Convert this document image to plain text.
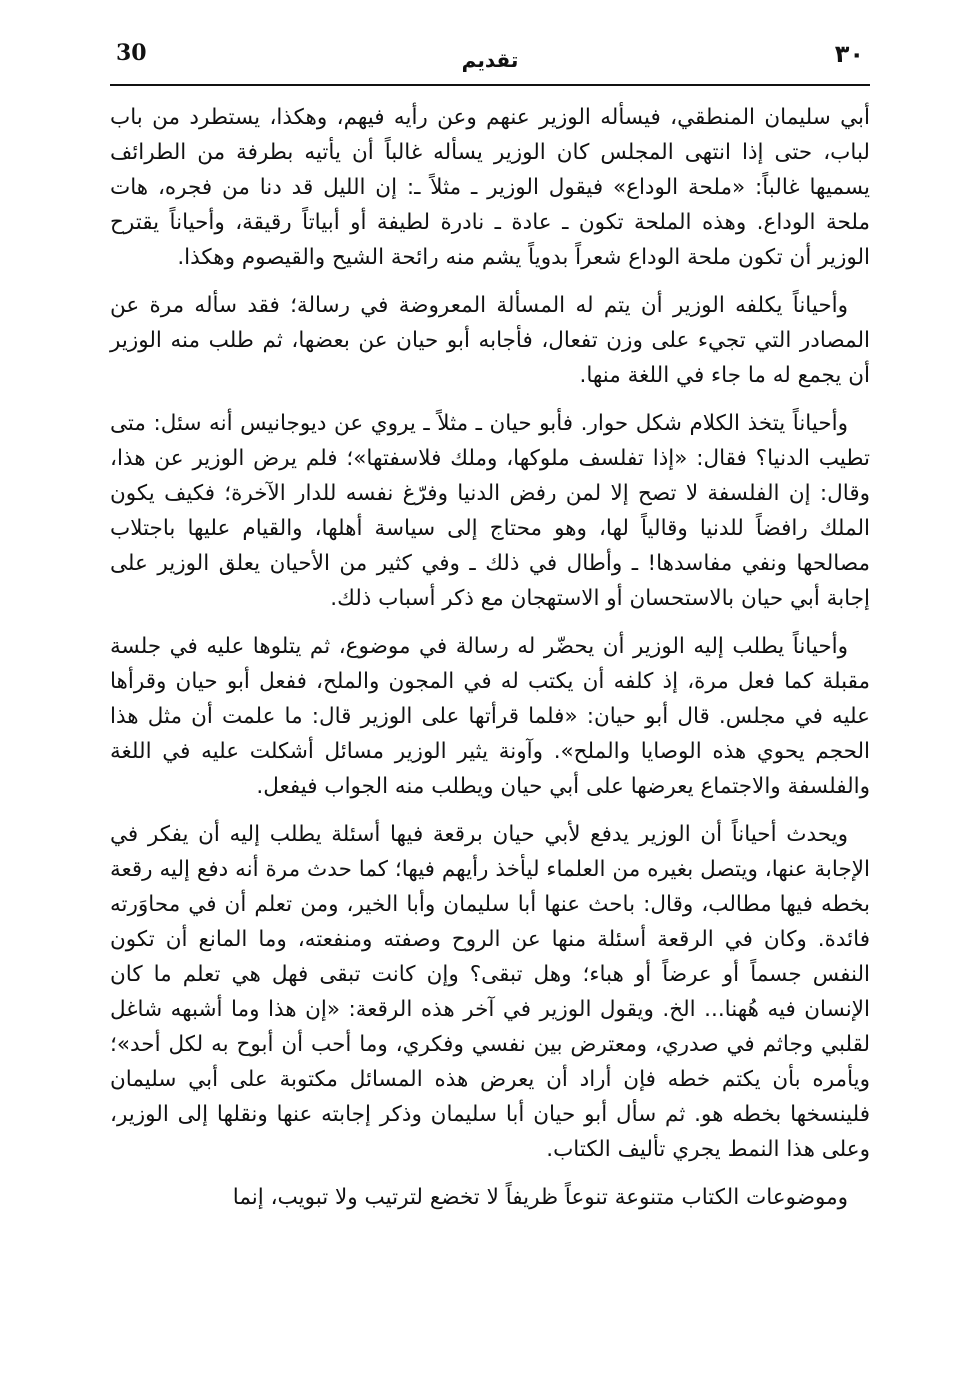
30	تقديم	٣٠

أبي سليمان المنطقي، فيسأله الوزير عنهم وعن رأيه فيهم، وهكذا، يستطرد من باب لباب، حتى إذا انتهى المجلس كان الوزير يسأله غالباً أن يأتيه بطرفة من الطرائف يسميها غالباً: «ملحة الوداع» فيقول الوزير ـ مثلاً ـ: إن الليل قد دنا من فجره، هات ملحة الوداع. وهذه الملحة تكون ـ عادة ـ نادرة لطيفة أو أبياتاً رقيقة، وأحياناً يقترح الوزير أن تكون ملحة الوداع شعراً بدوياً يشم منه رائحة الشيح والقيصوم وهكذا.

وأحياناً يكلفه الوزير أن يتم له المسألة المعروضة في رسالة؛ فقد سأله مرة عن المصادر التي تجيء على وزن تفعال، فأجابه أبو حيان عن بعضها، ثم طلب منه الوزير أن يجمع له ما جاء في اللغة منها.

وأحياناً يتخذ الكلام شكل حوار. فأبو حيان ـ مثلاً ـ يروي عن ديوجانيس أنه سئل: متى تطيب الدنيا؟ فقال: «إذا تفلسف ملوكها، وملك فلاسفتها»؛ فلم يرض الوزير عن هذا، وقال: إن الفلسفة لا تصح إلا لمن رفض الدنيا وفرّغ نفسه للدار الآخرة؛ فكيف يكون الملك رافضاً للدنيا وقالياً لها، وهو محتاج إلى سياسة أهلها، والقيام عليها باجتلاب مصالحها ونفي مفاسدها! ـ وأطال في ذلك ـ وفي كثير من الأحيان يعلق الوزير على إجابة أبي حيان بالاستحسان أو الاستهجان مع ذكر أسباب ذلك.

وأحياناً يطلب إليه الوزير أن يحضّر له رسالة في موضوع، ثم يتلوها عليه في جلسة مقبلة كما فعل مرة، إذ كلفه أن يكتب له في المجون والملح، ففعل أبو حيان وقرأها عليه في مجلس. قال أبو حيان: «فلما قرأتها على الوزير قال: ما علمت أن مثل هذا الحجم يحوي هذه الوصايا والملح». وآونة يثير الوزير مسائل أشكلت عليه في اللغة والفلسفة والاجتماع يعرضها على أبي حيان ويطلب منه الجواب فيفعل.

ويحدث أحياناً أن الوزير يدفع لأبي حيان برقعة فيها أسئلة يطلب إليه أن يفكر في الإجابة عنها، ويتصل بغيره من العلماء ليأخذ رأيهم فيها؛ كما حدث مرة أنه دفع إليه رقعة بخطه فيها مطالب، وقال: باحث عنها أبا سليمان وأبا الخير، ومن تعلم أن في محاوَرته فائدة. وكان في الرقعة أسئلة منها عن الروح وصفته ومنفعته، وما المانع أن تكون النفس جسماً أو عرضاً أو هباء؛ وهل تبقى؟ وإن كانت تبقى فهل هي تعلم ما كان الإنسان فيه هُهنا... الخ. ويقول الوزير في آخر هذه الرقعة: «إن هذا وما أشبهه شاغل لقلبي وجاثم في صدري، ومعترض بين نفسي وفكري، وما أحب أن أبوح به لكل أحد»؛ ويأمره بأن يكتم خطه فإن أراد أن يعرض هذه المسائل مكتوبة على أبي سليمان فلينسخها بخطه هو. ثم سأل أبو حيان أبا سليمان وذكر إجابته عنها ونقلها إلى الوزير، وعلى هذا النمط يجري تأليف الكتاب.

وموضوعات الكتاب متنوعة تنوعاً ظريفاً لا تخضع لترتيب ولا تبويب، إنما
